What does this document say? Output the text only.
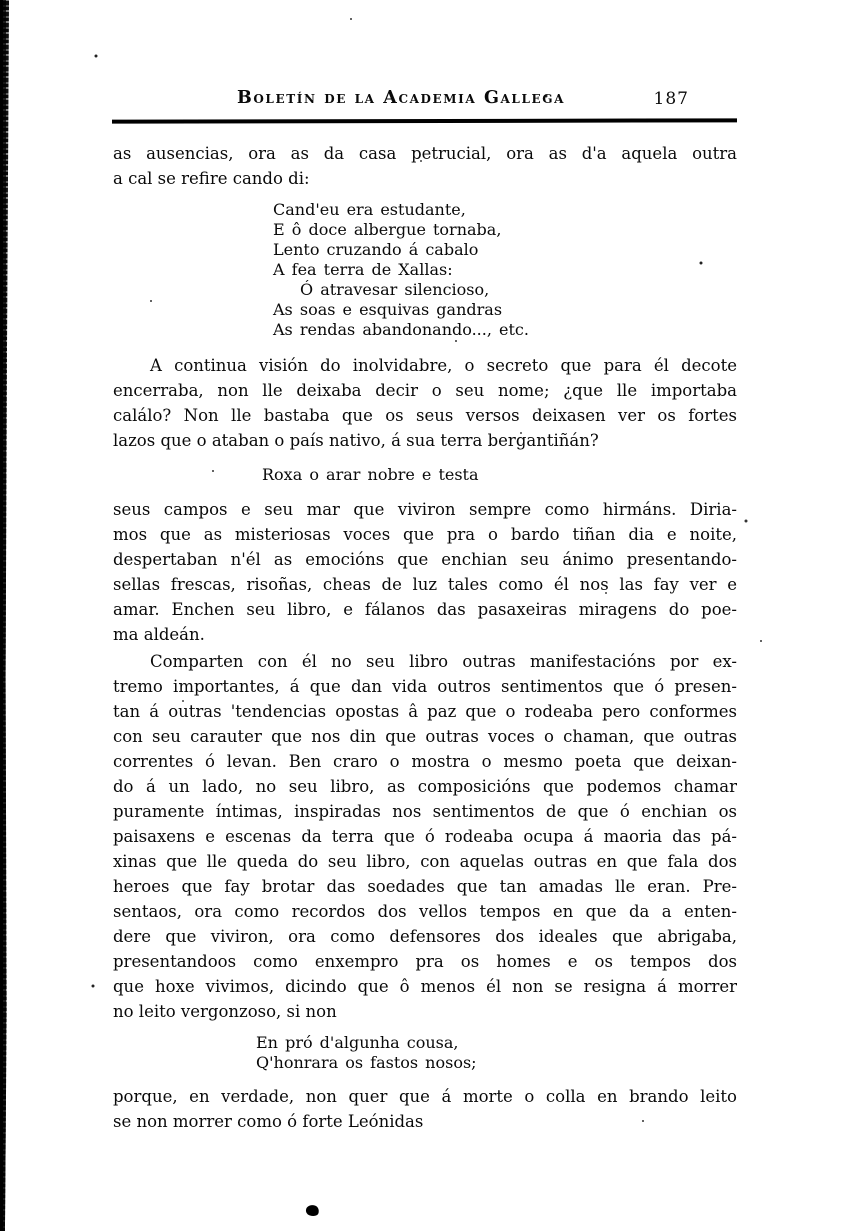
Boletín de la Academia Gallega	187
as ausencias, ora as da casa petrucial, ora as d'a aquela outra
a cal se refire cando di:
Cand'eu era estudante,
E ô doce albergue tornaba,
Lento cruzando á cabalo
A fea terra de Xallas:
Ó atravesar silencioso,
As soas e esquivas gandras
As rendas abandonando..., etc.
A continua visión do inolvidabre, o secreto que para él decote
encerraba, non lle deixaba decir o seu nome; ¿que lle importaba
calálo? Non lle bastaba que os seus versos deixasen ver os fortes
lazos que o ataban o país nativo, á sua terra bergantiñán?
Roxa o arar nobre e testa
seus campos e seu mar que viviron sempre como hirmáns. Diria-
mos que as misteriosas voces que pra o bardo tiñan dia e noite,
despertaban n'él as emocións que enchian seu ánimo presentando-
sellas frescas, risoñas, cheas de luz tales como él nos las fay ver e
amar. Enchen seu libro, e fálanos das pasaxeiras miragens do poe-
ma aldeán.
Comparten con él no seu libro outras manifestacións por ex-
tremo importantes, á que dan vida outros sentimentos que ó presen-
tan á outras 'tendencias opostas â paz que o rodeaba pero conformes
con seu carauter que nos din que outras voces o chaman, que outras
correntes ó levan. Ben craro o mostra o mesmo poeta que deixan-
do á un lado, no seu libro, as composicións que podemos chamar
puramente íntimas, inspiradas nos sentimentos de que ó enchian os
paisaxens e escenas da terra que ó rodeaba ocupa á maoria das pá-
xinas que lle queda do seu libro, con aquelas outras en que fala dos
heroes que fay brotar das soedades que tan amadas lle eran. Pre-
sentaos, ora como recordos dos vellos tempos en que da a enten-
dere que viviron, ora como defensores dos ideales que abrigaba,
presentandoos como enxempro pra os homes e os tempos dos
que hoxe vivimos, dicindo que ô menos él non se resigna á morrer
no leito vergonzoso, si non
En pró d'algunha cousa,
Q'honrara os fastos nosos;
porque, en verdade, non quer que á morte o colla en brando leito
se non morrer como ó forte Leónidas
